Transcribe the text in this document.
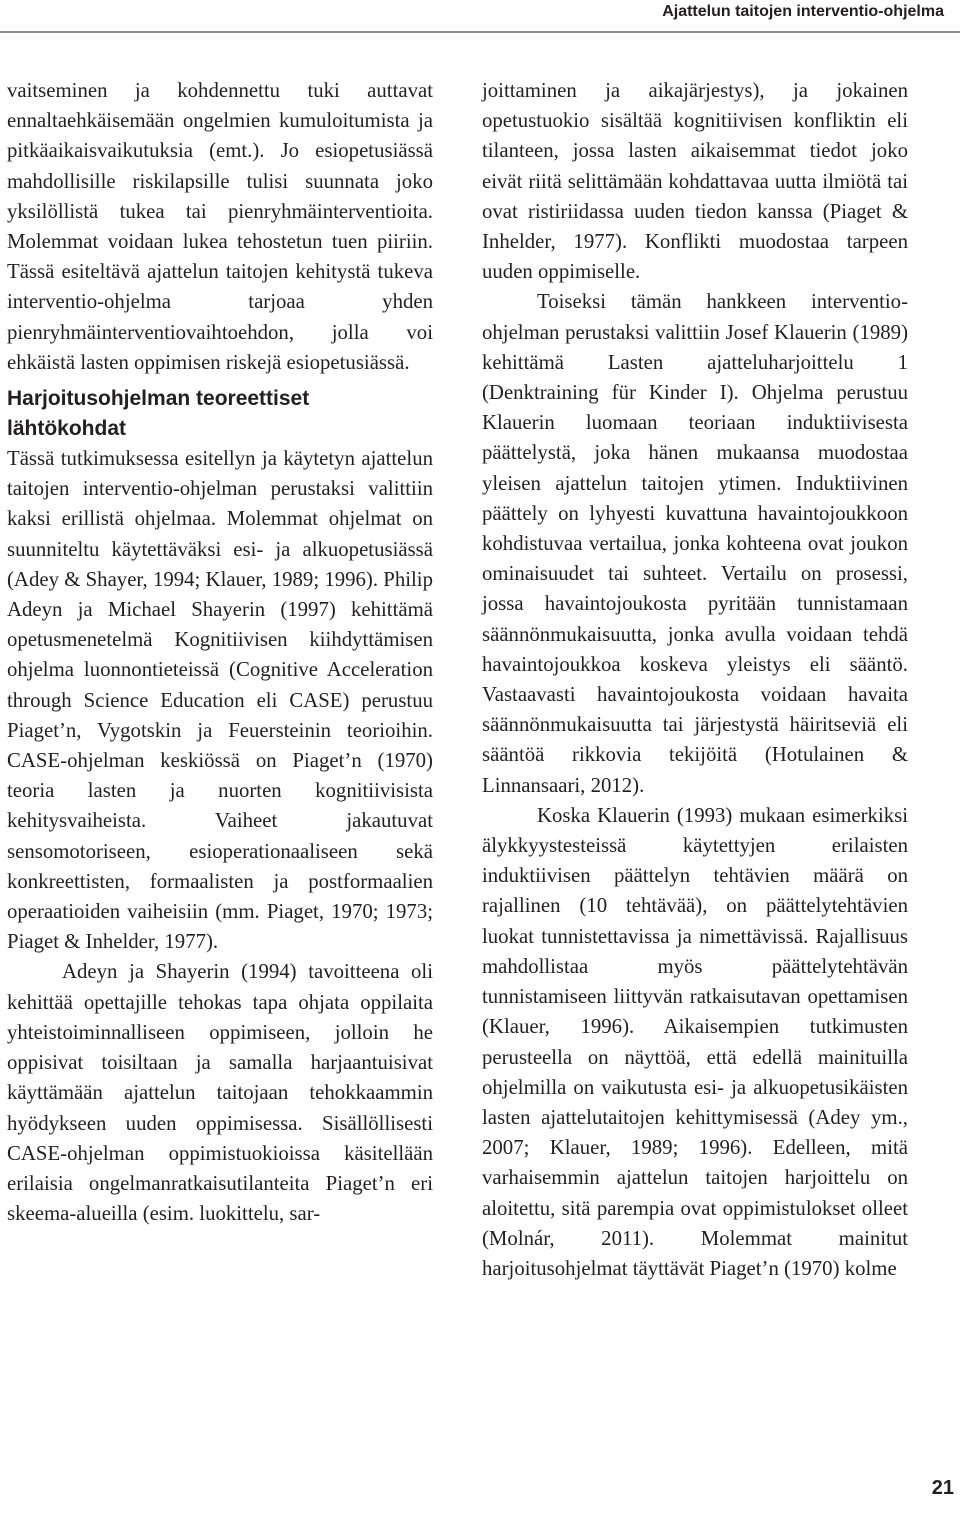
Ajattelun taitojen interventio-ohjelma

vaitseminen ja kohdennettu tuki auttavat ennaltaehkäisemään ongelmien kumuloitumista ja pitkäaikaisvaikutuksia (emt.). Jo esiopetusiässä mahdollisille riskilapsille tulisi suunnata joko yksilöllistä tukea tai pienryhmäinterventioita. Molemmat voidaan lukea tehostetun tuen piiriin. Tässä esiteltävä ajattelun taitojen kehitystä tukeva interventio-ohjelma tarjoaa yhden pienryhmäinterventiovaihtoehdon, jolla voi ehkäistä lasten oppimisen riskejä esiopetusiässä.

Harjoitusohjelman teoreettiset lähtökohdat

Tässä tutkimuksessa esitellyn ja käytetyn ajattelun taitojen interventio-ohjelman perustaksi valittiin kaksi erillistä ohjelmaa. Molemmat ohjelmat on suunniteltu käytettäväksi esi- ja alkuopetusiässä (Adey & Shayer, 1994; Klauer, 1989; 1996). Philip Adeyn ja Michael Shayerin (1997) kehittämä opetusmenetelmä Kognitiivisen kiihdyttämisen ohjelma luonnontieteissä (Cognitive Acceleration through Science Education eli CASE) perustuu Piaget’n, Vygotskin ja Feuersteinin teorioihin. CASE-ohjelman keskiössä on Piaget’n (1970) teoria lasten ja nuorten kognitiivisista kehitysvaiheista. Vaiheet jakautuvat sensomotoriseen, esioperationaaliseen sekä konkreettisten, formaalisten ja postformaalien operaatioiden vaiheisiin (mm. Piaget, 1970; 1973; Piaget & Inhelder, 1977).

Adeyn ja Shayerin (1994) tavoitteena oli kehittää opettajille tehokas tapa ohjata oppilaita yhteistoiminnalliseen oppimiseen, jolloin he oppisivat toisiltaan ja samalla harjaantuisivat käyttämään ajattelun taitojaan tehokkaammin hyödykseen uuden oppimisessa. Sisällöllisesti CASE-ohjelman oppimistuokioissa käsitellään erilaisia ongelmanratkaisutilanteita Piaget’n eri skeema-alueilla (esim. luokittelu, sar-

joittaminen ja aikajärjestys), ja jokainen opetustuokio sisältää kognitiivisen konfliktin eli tilanteen, jossa lasten aikaisemmat tiedot joko eivät riitä selittämään kohdattavaa uutta ilmiötä tai ovat ristiriidassa uuden tiedon kanssa (Piaget & Inhelder, 1977). Konflikti muodostaa tarpeen uuden oppimiselle.

Toiseksi tämän hankkeen interventio-ohjelman perustaksi valittiin Josef Klauerin (1989) kehittämä Lasten ajatteluharjoittelu 1 (Denktraining für Kinder I). Ohjelma perustuu Klauerin luomaan teoriaan induktiivisesta päättelystä, joka hänen mukaansa muodostaa yleisen ajattelun taitojen ytimen. Induktiivinen päättely on lyhyesti kuvattuna havaintojoukkoon kohdistuvaa vertailua, jonka kohteena ovat joukon ominaisuudet tai suhteet. Vertailu on prosessi, jossa havaintojoukosta pyritään tunnistamaan säännönmukaisuutta, jonka avulla voidaan tehdä havaintojoukkoa koskeva yleistys eli sääntö. Vastaavasti havaintojoukosta voidaan havaita säännönmukaisuutta tai järjestystä häiritseviä eli sääntöä rikkovia tekijöitä (Hotulainen & Linnansaari, 2012).

Koska Klauerin (1993) mukaan esimerkiksi älykkyystesteissä käytettyjen erilaisten induktiivisen päättelyn tehtävien määrä on rajallinen (10 tehtävää), on päättelytehtävien luokat tunnistettavissa ja nimettävissä. Rajallisuus mahdollistaa myös päättelytehtävän tunnistamiseen liittyvän ratkaisutavan opettamisen (Klauer, 1996). Aikaisempien tutkimusten perusteella on näyttöä, että edellä mainituilla ohjelmilla on vaikutusta esi- ja alkuopetusikäisten lasten ajattelutaitojen kehittymisessä (Adey ym., 2007; Klauer, 1989; 1996). Edelleen, mitä varhaisemmin ajattelun taitojen harjoittelu on aloitettu, sitä parempia ovat oppimistulokset olleet (Molnár, 2011). Molemmat mainitut harjoitusohjelmat täyttävät Piaget’n (1970) kolme

21
